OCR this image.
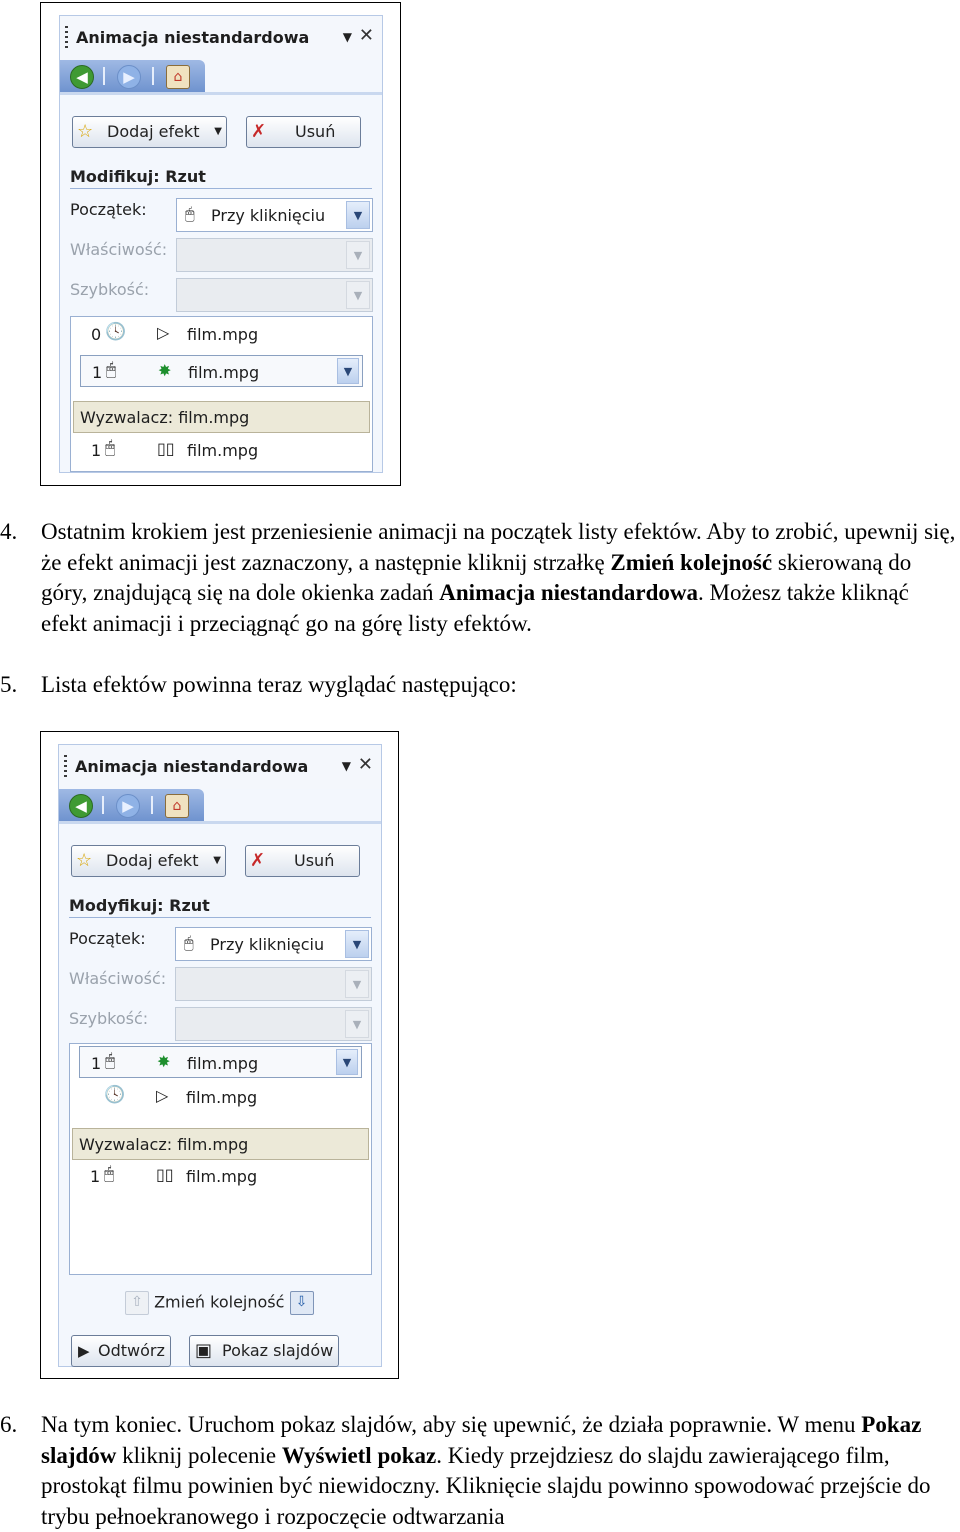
Animacja niestandardowa	▼ ✕
◀	▶	⌂
☆ Dodaj efekt ▼ ✗ Usuń
Modifikuj: Rzut
Początek: 🖱 Przy kliknięciu	▼
Właściwość:	▼
Szybkość:	▼
0 🕓 ▷ film.mpg
1 🖱	✸ film.mpg	▼
Wyzwalacz: film.mpg
1 🖱	▯▯ film.mpg
4. Ostatnim krokiem jest przeniesienie animacji na początek listy efektów. Aby to zrobić, upewnij się, że efekt animacji jest zaznaczony, a następnie kliknij strzałkę Zmień kolejność skierowaną do góry, znajdującą się na dole okienka zadań Animacja niestandardowa. Możesz także kliknąć efekt animacji i przeciągnąć go na górę listy efektów.
5. Lista efektów powinna teraz wyglądać następująco:
Animacja niestandardowa	▼ ✕
◀	▶	⌂
☆ Dodaj efekt ▼ ✗ Usuń
Modyfikuj: Rzut
Początek: 🖱 Przy kliknięciu	▼
Właściwość:	▼
Szybkość:	▼
1 🖱	✸ film.mpg	▼
🕓 ▷ film.mpg
Wyzwalacz: film.mpg
1 🖱	▯▯ film.mpg
⇧ Zmień kolejność ⇩
▶ Odtwórz ▣ Pokaz slajdów
6. Na tym koniec. Uruchom pokaz slajdów, aby się upewnić, że działa poprawnie. W menu Pokaz slajdów kliknij polecenie Wyświetl pokaz. Kiedy przejdziesz do slajdu zawierającego film, prostokąt filmu powinien być niewidoczny. Kliknięcie slajdu powinno spowodować przejście do trybu pełnoekranowego i rozpoczęcie odtwarzania
